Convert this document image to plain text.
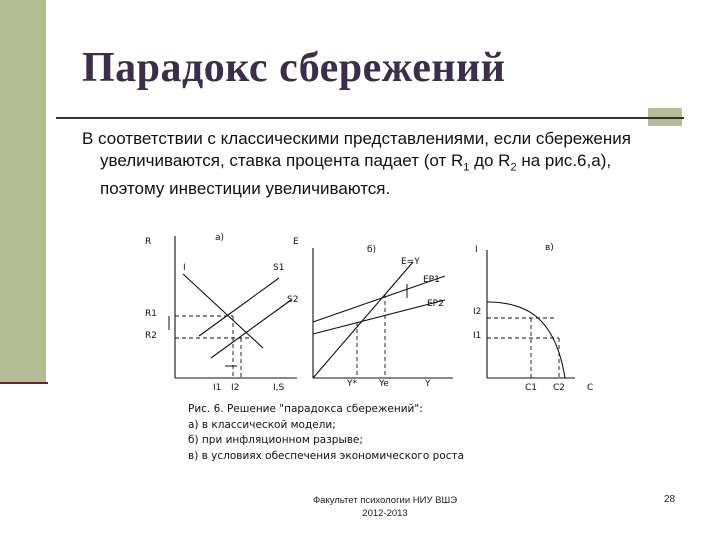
Парадокс сбережений
В соответствии с классическими представлениями, если сбережения
увеличиваются, ставка процента падает (от $R_1$ до $R_2$ на рис.6,а),
поэтому инвестиции увеличиваются.
R	а)
I	S1
S2
R1
R2
I1 I2	I,S
E
б)
E=Y
EP1
EP2
Y* Ye	Y
I	в)
I2
I1
C1 C2 C
Рис. 6. Решение "парадокса сбережений":
а) в классической модели;
б) при инфляционном разрыве;
в) в условиях обеспечения экономического роста
Факультет психологии НИУ ВШЭ
2012-2013
28
